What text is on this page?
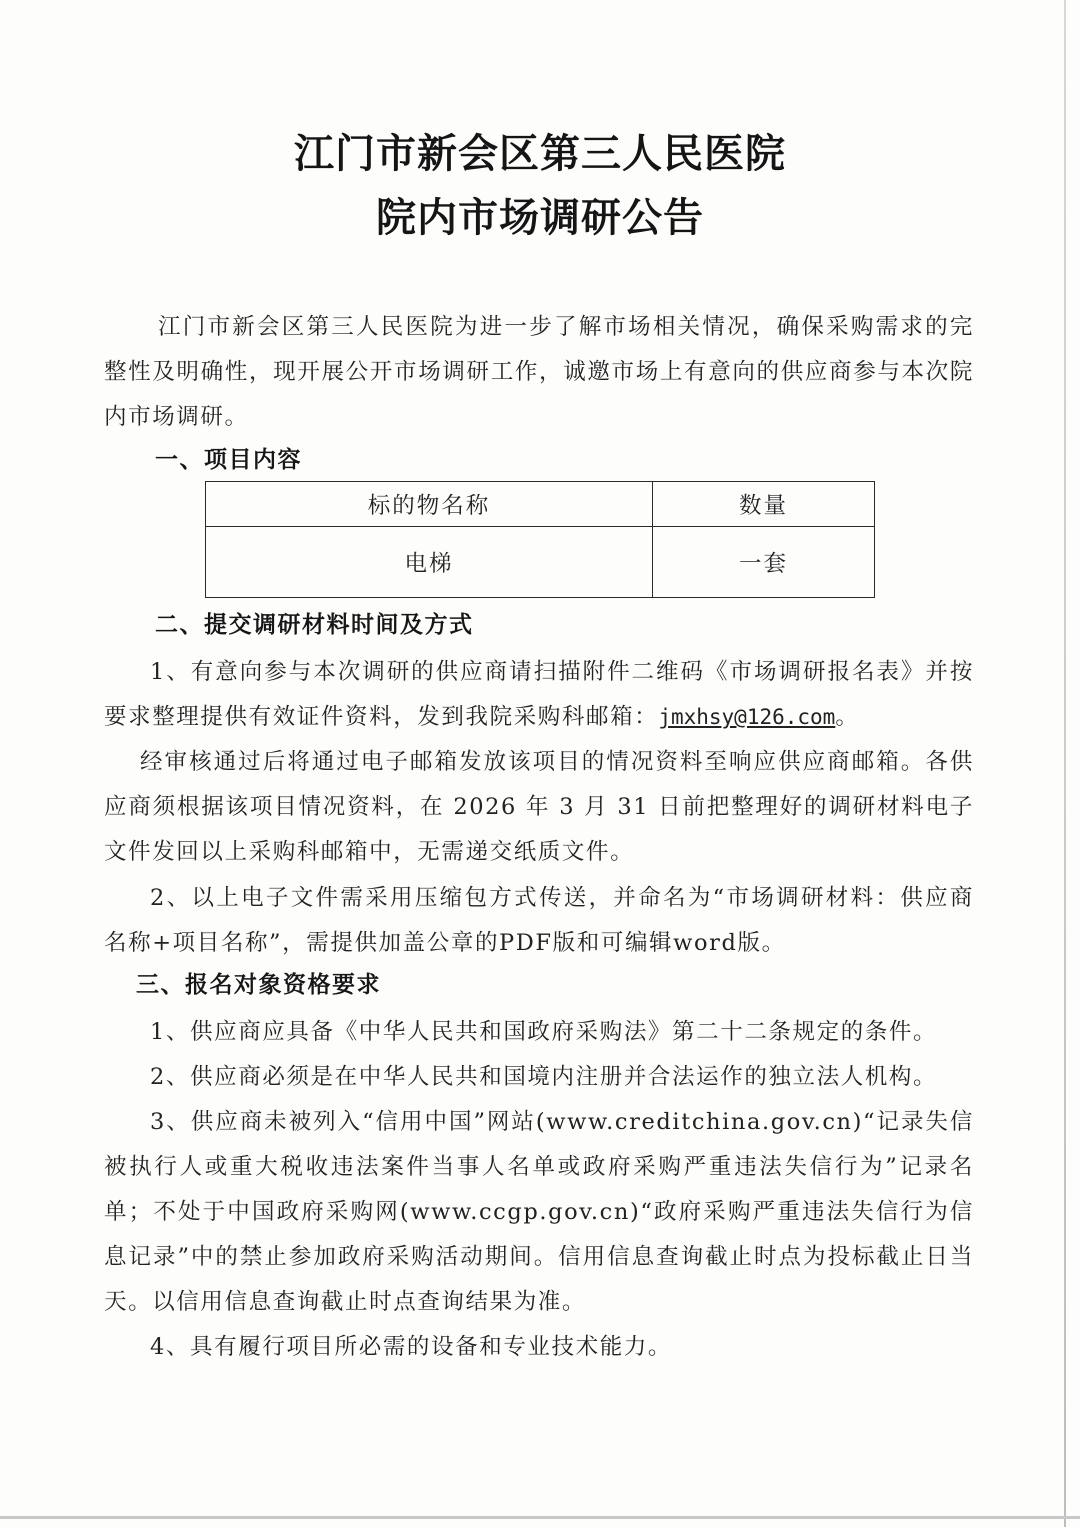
江门市新会区第三人民医院
院内市场调研公告

江门市新会区第三人民医院为进一步了解市场相关情况，确保采购需求的完整性及明确性，现开展公开市场调研工作，诚邀市场上有意向的供应商参与本次院内市场调研。

一、项目内容

标的物名称	数量
电梯	一套

二、提交调研材料时间及方式

1、有意向参与本次调研的供应商请扫描附件二维码《市场调研报名表》并按要求整理提供有效证件资料，发到我院采购科邮箱：jmxhsy@126.com。

经审核通过后将通过电子邮箱发放该项目的情况资料至响应供应商邮箱。各供应商须根据该项目情况资料，在 2026 年 3 月 31 日前把整理好的调研材料电子文件发回以上采购科邮箱中，无需递交纸质文件。

2、以上电子文件需采用压缩包方式传送，并命名为“市场调研材料：供应商名称+项目名称”，需提供加盖公章的PDF版和可编辑word版。

三、报名对象资格要求

1、供应商应具备《中华人民共和国政府采购法》第二十二条规定的条件。

2、供应商必须是在中华人民共和国境内注册并合法运作的独立法人机构。

3、供应商未被列入“信用中国”网站(www.creditchina.gov.cn)“记录失信被执行人或重大税收违法案件当事人名单或政府采购严重违法失信行为”记录名单；不处于中国政府采购网(www.ccgp.gov.cn)“政府采购严重违法失信行为信息记录”中的禁止参加政府采购活动期间。信用信息查询截止时点为投标截止日当天。以信用信息查询截止时点查询结果为准。

4、具有履行项目所必需的设备和专业技术能力。
